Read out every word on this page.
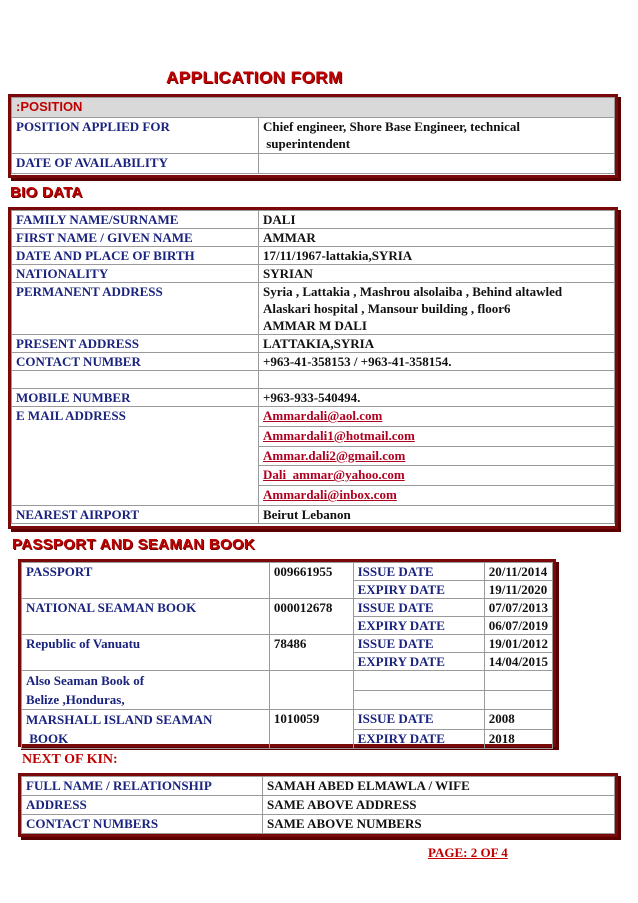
APPLICATION FORM
:POSITION	
POSITION APPLIED FOR	Chief engineer, Shore Base Engineer, technical
superintendent

DATE OF AVAILABILITY	
BIO DATA
FAMILY NAME/SURNAME	DALI
FIRST NAME / GIVEN NAME	AMMAR
DATE AND PLACE OF BIRTH	17/11/1967-lattakia,SYRIA
NATIONALITY	SYRIAN
PERMANENT ADDRESS	Syria , Lattakia , Mashrou alsolaiba , Behind altawled
Alaskari hospital , Mansour building , floor6
AMMAR M DALI

PRESENT ADDRESS	LATTAKIA,SYRIA
CONTACT NUMBER	+963-41-358153 / +963-41-358154.

MOBILE NUMBER	+963-933-540494.
E MAIL ADDRESS	Ammardali@aol.com
Ammardali1@hotmail.com
Ammar.dali2@gmail.com
Dali_ammar@yahoo.com
Ammardali@inbox.com

NEAREST AIRPORT	Beirut Lebanon
PASSPORT AND SEAMAN BOOK
PASSPORT	009661955	ISSUE DATE	20/11/2014
		EXPIRY DATE	19/11/2020
NATIONAL SEAMAN BOOK	000012678	ISSUE DATE	07/07/2013
		EXPIRY DATE	06/07/2019
Republic of Vanuatu	78486	ISSUE DATE	19/01/2012
		EXPIRY DATE	14/04/2015

Also Seaman Book of
Belize ,Honduras,			

MARSHALL ISLAND SEAMAN
BOOK	1010059	ISSUE DATE	2008
		EXPIRY DATE	2018
NEXT OF KIN:
FULL NAME / RELATIONSHIP	SAMAH ABED ELMAWLA / WIFE
ADDRESS	SAME ABOVE ADDRESS
CONTACT NUMBERS	SAME ABOVE NUMBERS
PAGE: 2 OF 4
